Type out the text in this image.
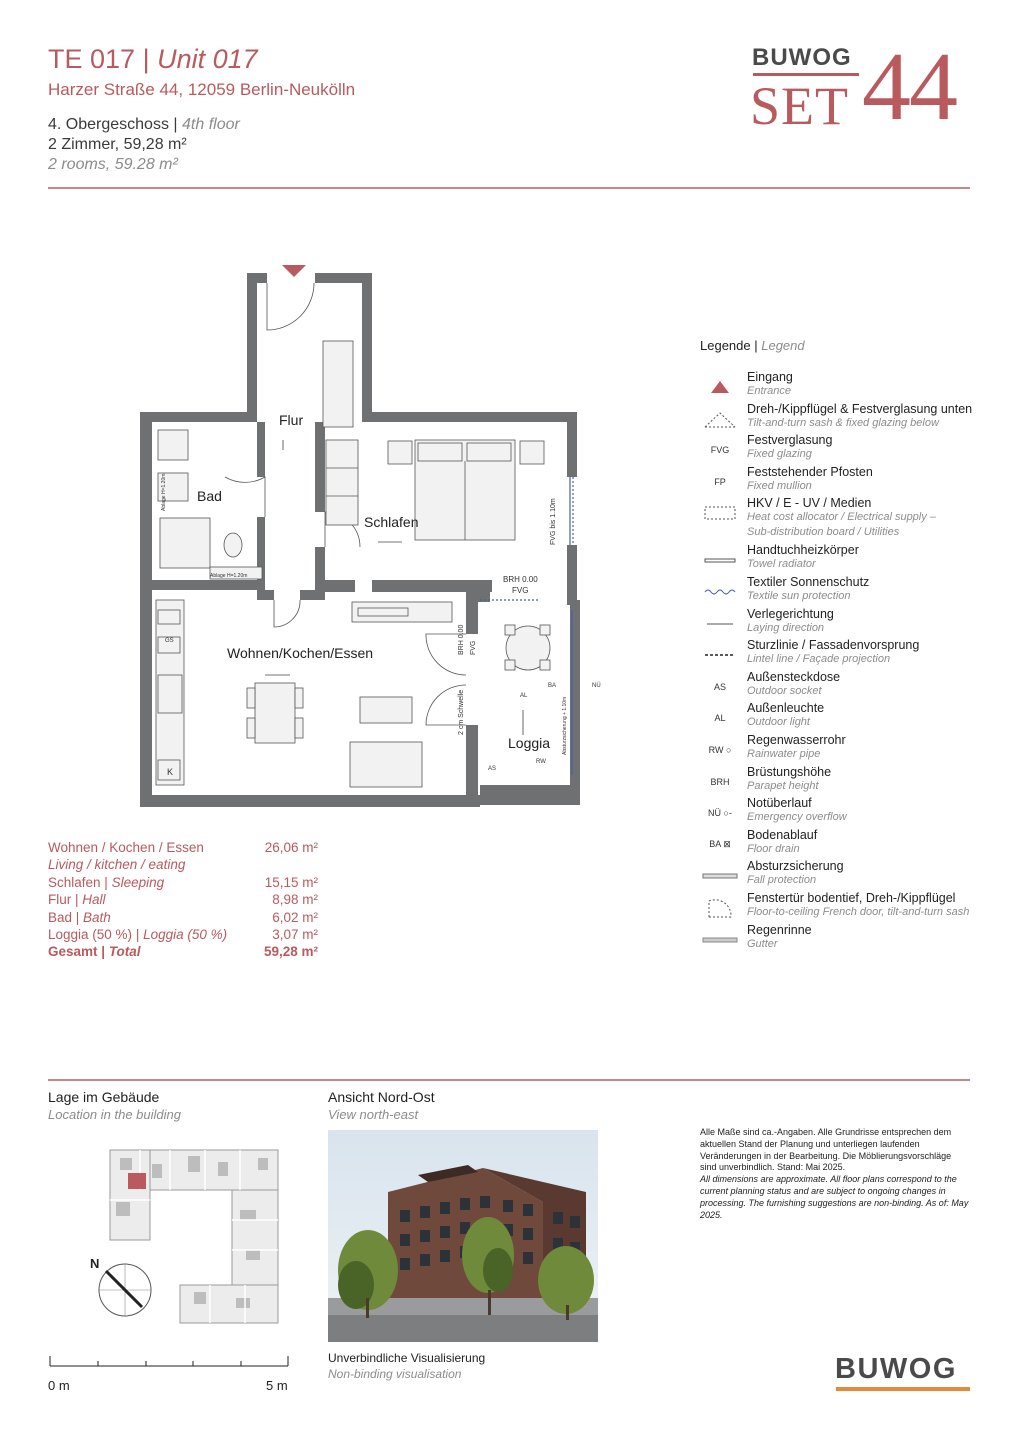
TE 017 | Unit 017
Harzer Straße 44, 12059 Berlin-Neukölln
4. Obergeschoss | 4th floor
2 Zimmer, 59,28 m²
2 rooms, 59.28 m²
BUWOG
SET 44
Flur
Bad
Schlafen
Wohnen/Kochen/Essen
Loggia
BRH 0.00
FVG
FVG bis 1.10m
BRH 0.00 FVG
2 cm Schwelle
Ablage H=1.20m
Ablage H=1.20m
Absturzsicherung + 1.10m
AL
BA	NÜ
AS
RW
K
GS
Legende | Legend
Eingang
Entrance
Dreh-/Kippflügel & Festverglasung unten
Tilt-and-turn sash & fixed glazing below
FVG
Festverglasung
Fixed glazing
FP
Feststehender Pfosten
Fixed mullion
HKV / E - UV / Medien
Heat cost allocator / Electrical supply –
Sub-distribution board / Utilities
Handtuchheizkörper
Towel radiator
Textiler Sonnenschutz
Textile sun protection
Verlegerichtung
Laying direction
Sturzlinie / Fassadenvorsprung
Lintel line / Façade projection
AS
Außensteckdose
Outdoor socket
AL
Außenleuchte
Outdoor light
RW ○
Regenwasserrohr
Rainwater pipe
BRH
Brüstungshöhe
Parapet height
NÜ ○-
Notüberlauf
Emergency overflow
BA ⊠
Bodenablauf
Floor drain
Absturzsicherung
Fall protection
Fenstertür bodentief, Dreh-/Kippflügel
Floor-to-ceiling French door, tilt-and-turn sash
Regenrinne
Gutter
Wohnen / Kochen / Essen	26,06 m²
Living / kitchen / eating
Schlafen | Sleeping	15,15 m²
Flur | Hall	8,98 m²
Bad | Bath	6,02 m²
Loggia (50 %) | Loggia (50 %)	3,07 m²
Gesamt | Total	59,28 m²
Lage im Gebäude
Location in the building
Ansicht Nord-Ost
View north-east
N
0 m	5 m
Unverbindliche Visualisierung
Non-binding visualisation
Alle Maße sind ca.-Angaben. Alle Grundrisse entsprechen dem aktuellen Stand der Planung und unterliegen laufenden Veränderungen in der Bearbeitung. Die Möblierungsvorschläge sind unverbindlich. Stand: Mai 2025.
All dimensions are approximate. All floor plans correspond to the current planning status and are subject to ongoing changes in processing. The furnishing suggestions are non-binding. As of: May 2025.
BUWOG
